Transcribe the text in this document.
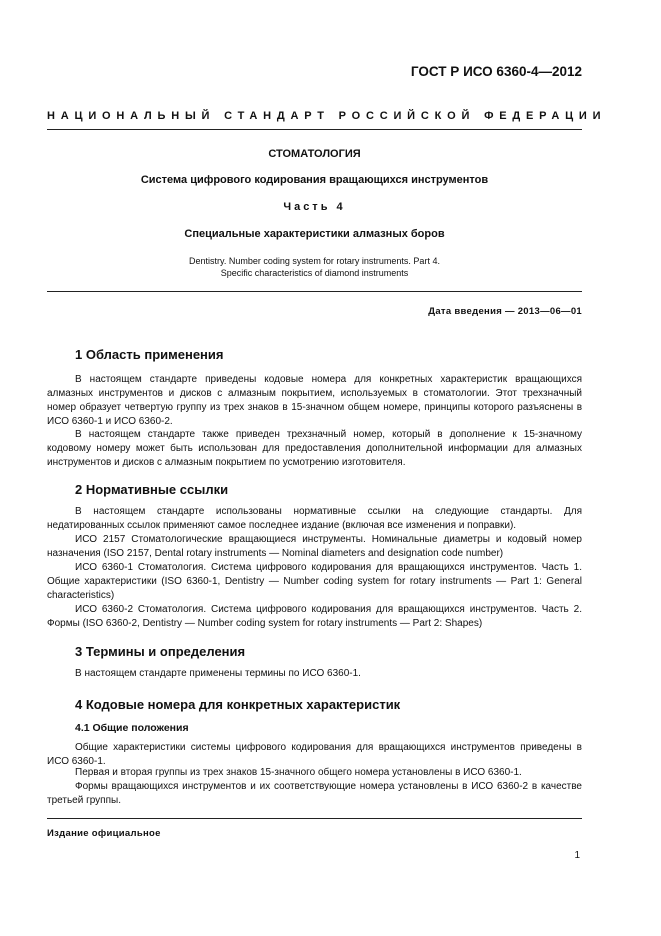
ГОСТ Р ИСО 6360-4—2012
НАЦИОНАЛЬНЫЙ СТАНДАРТ РОССИЙСКОЙ ФЕДЕРАЦИИ
СТОМАТОЛОГИЯ
Система цифрового кодирования вращающихся инструментов
Часть 4
Специальные характеристики алмазных боров
Dentistry. Number coding system for rotary instruments. Part 4.
Specific characteristics of diamond instruments
Дата введения — 2013—06—01
1 Область применения

В настоящем стандарте приведены кодовые номера для конкретных характеристик вращающихся алмазных инструментов и дисков с алмазным покрытием, используемых в стоматологии. Этот трехзначный номер образует четвертую группу из трех знаков в 15-значном общем номере, принципы которого разъяснены в ИСО 6360-1 и ИСО 6360-2.

В настоящем стандарте также приведен трехзначный номер, который в дополнение к 15-значному кодовому номеру может быть использован для предоставления дополнительной информации для алмазных инструментов и дисков с алмазным покрытием по усмотрению изготовителя.

2 Нормативные ссылки

В настоящем стандарте использованы нормативные ссылки на следующие стандарты. Для недатированных ссылок применяют самое последнее издание (включая все изменения и поправки).

ИСО 2157 Стоматологические вращающиеся инструменты. Номинальные диаметры и кодовый номер назначения (ISO 2157, Dental rotary instruments — Nominal diameters and designation code number)

ИСО 6360-1 Стоматология. Система цифрового кодирования для вращающихся инструментов. Часть 1. Общие характеристики (ISO 6360-1, Dentistry — Number coding system for rotary instruments — Part 1: General characteristics)

ИСО 6360-2 Стоматология. Система цифрового кодирования для вращающихся инструментов. Часть 2. Формы (ISO 6360-2, Dentistry — Number coding system for rotary instruments — Part 2: Shapes)

3 Термины и определения

В настоящем стандарте применены термины по ИСО 6360-1.

4 Кодовые номера для конкретных характеристик
4.1 Общие положения

Общие характеристики системы цифрового кодирования для вращающихся инструментов приведены в ИСО 6360-1.

Первая и вторая группы из трех знаков 15-значного общего номера установлены в ИСО 6360-1.

Формы вращающихся инструментов и их соответствующие номера установлены в ИСО 6360-2 в качестве третьей группы.

Издание официальное
1
